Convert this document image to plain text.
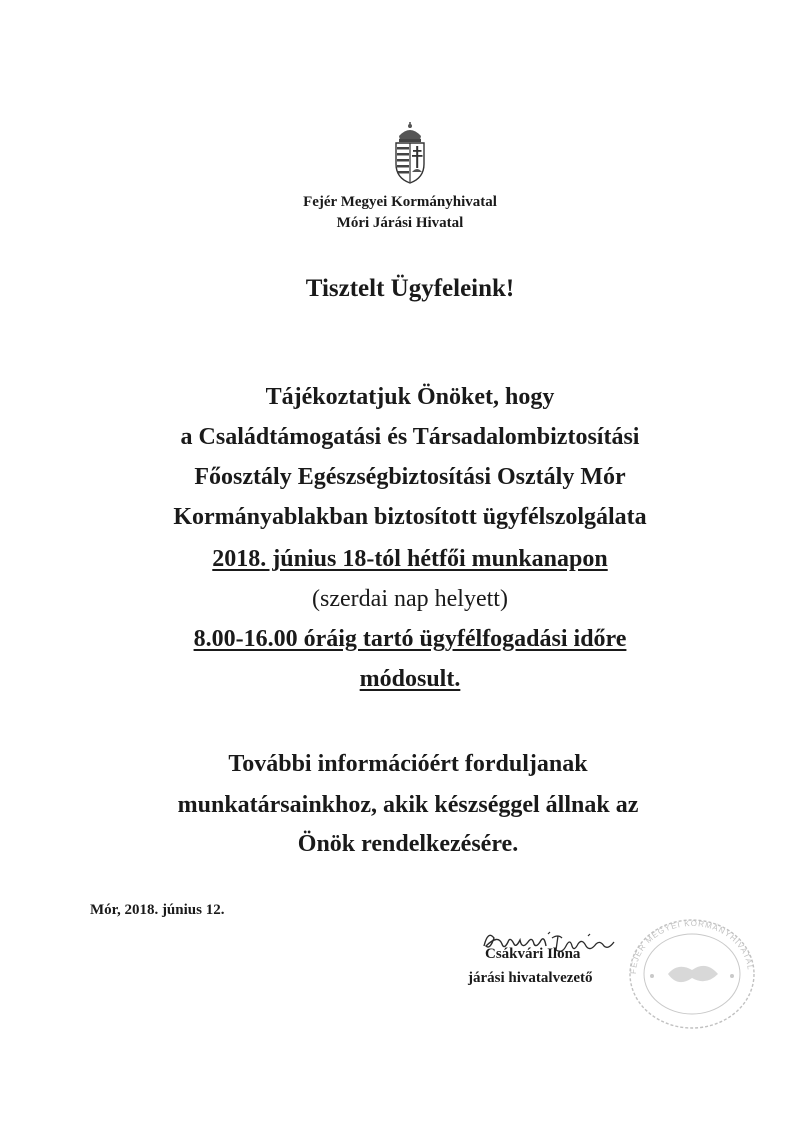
Fejér Megyei Kormányhivatal
Móri Járási Hivatal
Tisztelt Ügyfeleink!
Tájékoztatjuk Önöket, hogy
a Családtámogatási és Társadalombiztosítási
Főosztály Egészségbiztosítási Osztály Mór
Kormányablakban biztosított ügyfélszolgálata
2018. június 18-tól hétfői munkanapon
(szerdai nap helyett)
8.00-16.00 óráig tartó ügyfélfogadási időre
módosult.
További információért forduljanak
munkatársainkhoz, akik készséggel állnak az
Önök rendelkezésére.
Mór, 2018. június 12.
Csákvári Ilona
járási hivatalvezető	FEJÉR MEGYEI KORMÁNYHIVATAL
